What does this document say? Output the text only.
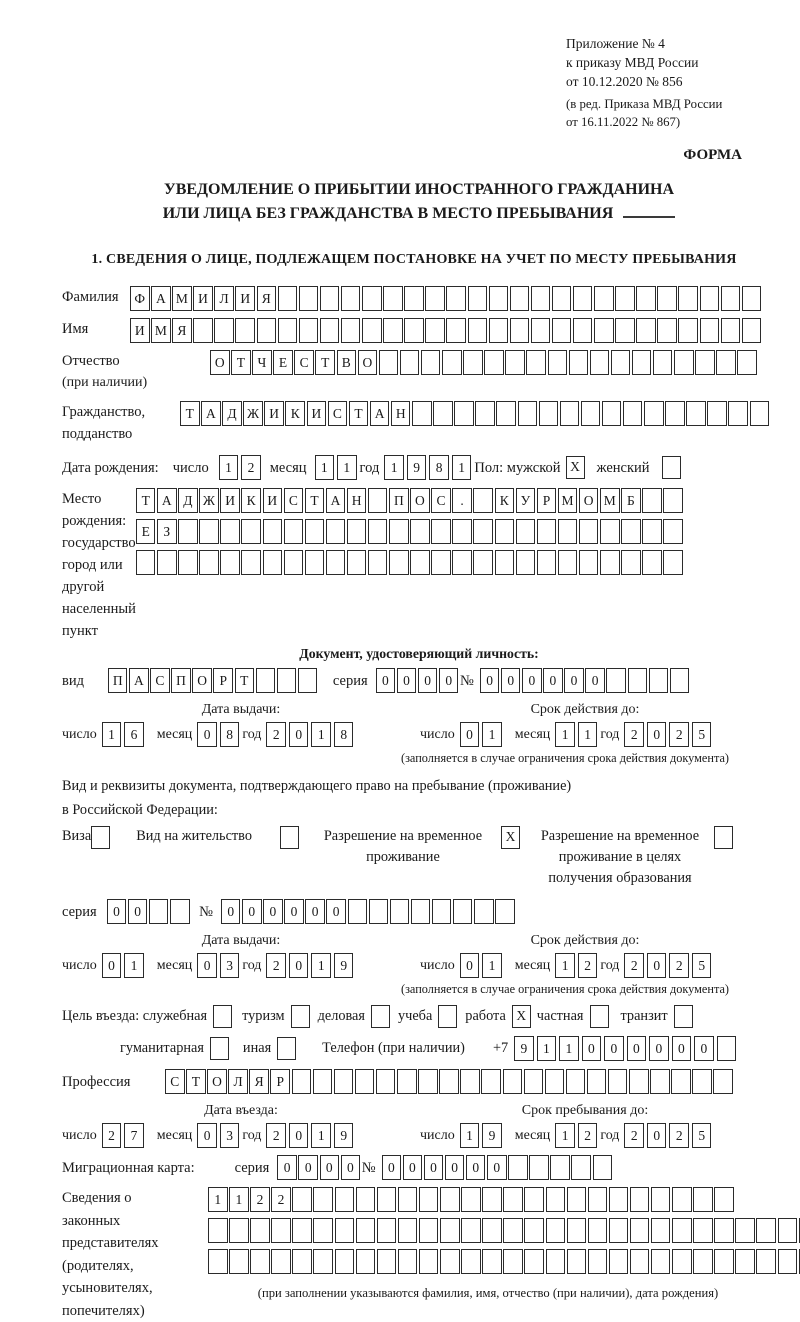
Приложение № 4
к приказу МВД России
от 10.12.2020 № 856
(в ред. Приказа МВД России
от 16.11.2022 № 867)
ФОРМА
УВЕДОМЛЕНИЕ О ПРИБЫТИИ ИНОСТРАННОГО ГРАЖДАНИНА
ИЛИ ЛИЦА БЕЗ ГРАЖДАНСТВА В МЕСТО ПРЕБЫВАНИЯ
1. СВЕДЕНИЯ О ЛИЦЕ, ПОДЛЕЖАЩЕМ ПОСТАНОВКЕ НА УЧЕТ ПО МЕСТУ ПРЕБЫВАНИЯ
Фамилия	Ф А М И Л И Я
Имя	И М Я
Отчество
(при наличии)
О Т Ч Е С Т В О
Гражданство,
подданство
Т А Д Ж И К И С Т А Н
Дата рождения: число	1	2	месяц	1	1 год 1	9	8	1 Пол: мужской X	женский
Место рождения:
государство
город или другой
населенный пункт
Т А Д Ж И К И С Т А Н	П О С	.	К У Р М О М Б

Е	З

Документ, удостоверяющий личность:
вид	П А С П О Р Т	серия	0	0	0	0 № 0	0	0	0	0	0
Дата выдачи:
число 1	6	месяц 0	8 год 2	0	1	8
Срок действия до:
число 0	1	месяц 1	1 год 2	0	2	5
(заполняется в случае ограничения срока действия документа)
Вид и реквизиты документа, подтверждающего право на пребывание (проживание)
в Российской Федерации:
Виза	Вид на жительство	Разрешение на временное проживание
X	Разрешение на временное проживание в целях получения образования
серия	0	0	№	0	0	0	0	0	0
Дата выдачи:
число 0	1	месяц 0	3 год 2	0	1	9
Срок действия до:
число 0	1	месяц 1	2 год 2	0	2	5
(заполняется в случае ограничения срока действия документа)
Цель въезда: служебная туризм деловая учеба работа X частная	транзит
гуманитарная	иная	Телефон (при наличии) +7 9	1	1	0	0	0	0	0	0
Профессия	С Т О Л Я Р
Дата въезда:
число 2	7	месяц 0	3 год 2	0	1	9
Срок пребывания до:
число 1	9	месяц 1	2 год 2	0	2	5
Миграционная карта:	серия	0	0	0	0 № 0	0	0	0	0	0
Сведения о
законных
представителях
(родителях,
усыновителях,
попечителях)
1	1	2	2

(при заполнении указываются фамилия, имя, отчество (при наличии), дата рождения)
